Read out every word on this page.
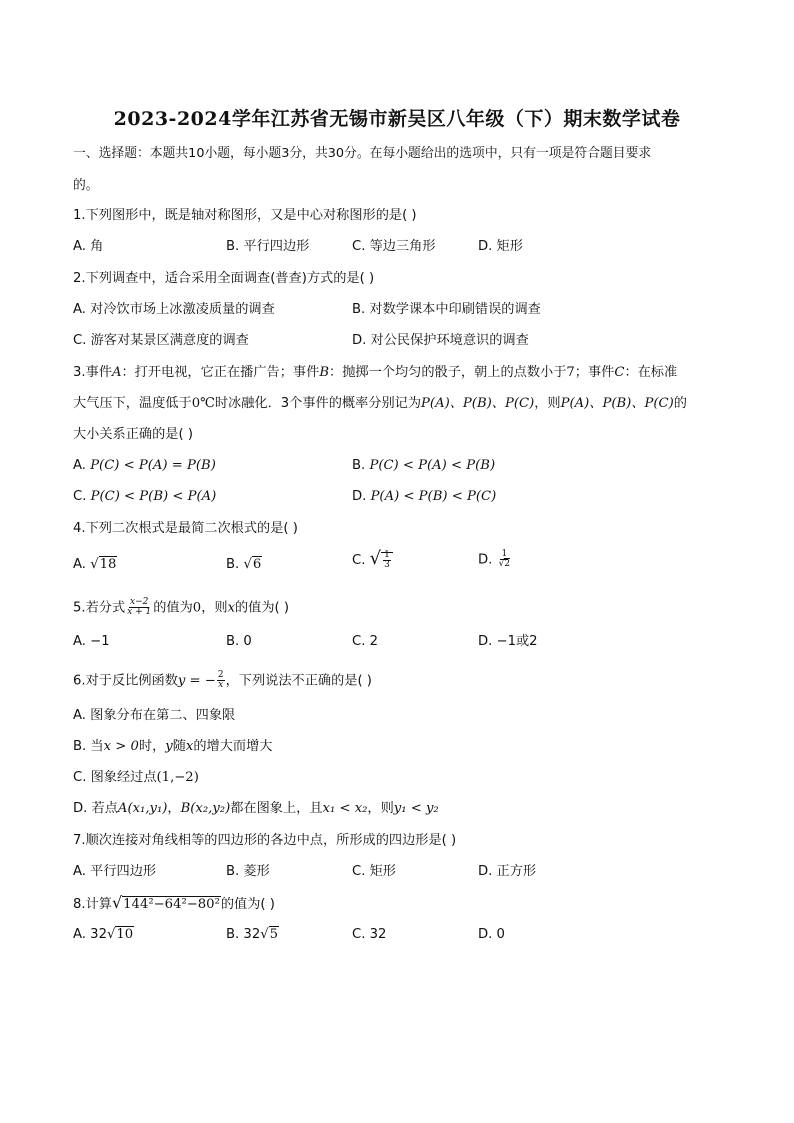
2023-2024学年江苏省无锡市新吴区八年级（下）期末数学试卷
一、选择题：本题共10小题，每小题3分，共30分。在每小题给出的选项中，只有一项是符合题目要求
的。
1.下列图形中，既是轴对称图形，又是中心对称图形的是( )
A. 角	B. 平行四边形	C. 等边三角形	D. 矩形
2.下列调查中，适合采用全面调查(普查)方式的是( )
A. 对冷饮市场上冰激凌质量的调查	B. 对数学课本中印刷错误的调查
C. 游客对某景区满意度的调查	D. 对公民保护环境意识的调查
3.事件A：打开电视，它正在播广告；事件B：抛掷一个均匀的骰子，朝上的点数小于7；事件C：在标准
大气压下，温度低于0℃时冰融化．3个事件的概率分别记为P(A)、P(B)、P(C)，则P(A)、P(B)、P(C)的
大小关系正确的是( )
A. P(C) < P(A) = P(B)	B. P(C) < P(A) < P(B)
C. P(C) < P(B) < P(A)	D. P(A) < P(B) < P(C)
4.下列二次根式是最简二次根式的是( )
A. √18	B. √6	C. √ $\frac{1}{3}$	D. $\frac{1}{√2}$
5.若分式 $\frac{x-2}{x + 1}$ 的值为0，则x的值为( )
A. −1	B. 0	C. 2	D. −1或2
6.对于反比例函数y = − $\frac{2}{x}$ ，下列说法不正确的是( )
A. 图象分布在第二、四象限
B. 当x > 0时，y随x的增大而增大
C. 图象经过点(1,−2)
D. 若点A(x₁,y₁)，B(x₂,y₂)都在图象上，且x₁ < x₂，则y₁ < y₂
7.顺次连接对角线相等的四边形的各边中点，所形成的四边形是( )
A. 平行四边形	B. 菱形	C. 矩形	D. 正方形
8.计算√144²−64²−80²的值为( )
A. 32√10	B. 32√5	C. 32	D. 0
